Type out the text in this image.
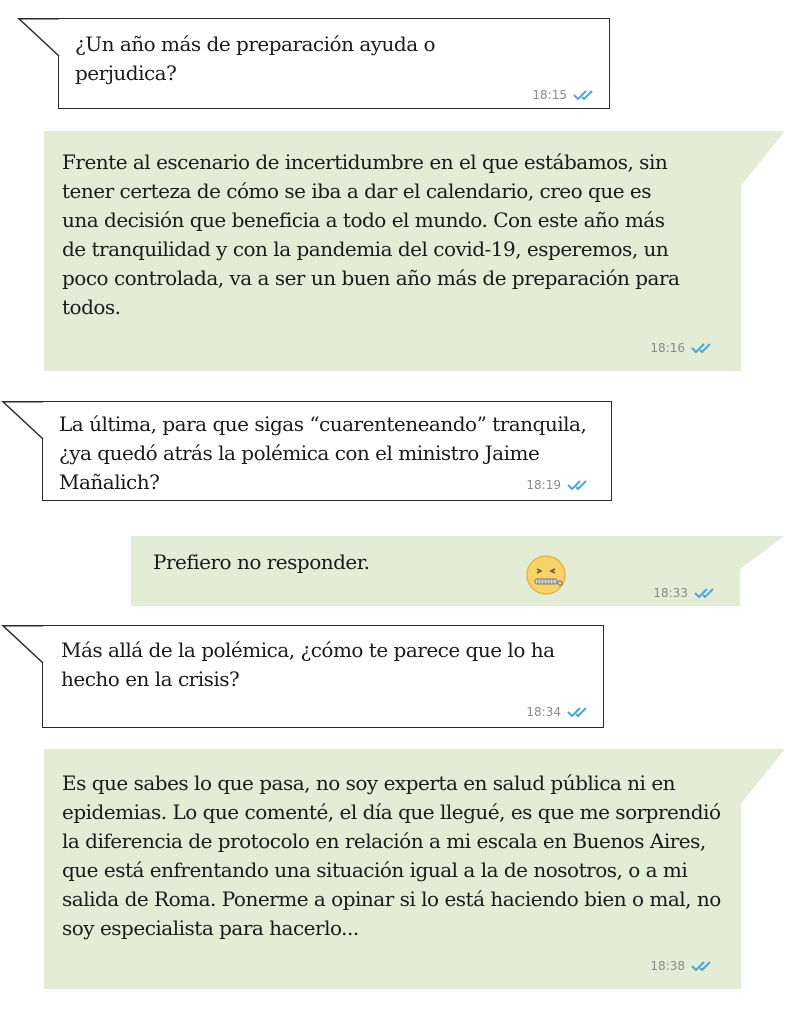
¿Un año más de preparación ayuda o perjudica?
18:15
Frente al escenario de incertidumbre en el que estábamos, sin tener certeza de cómo se iba a dar el calendario, creo que es una decisión que beneficia a todo el mundo. Con este año más de tranquilidad y con la pandemia del covid-19, esperemos, un poco controlada, va a ser un buen año más de preparación para todos.
18:16
La última, para que sigas “cuarenteneando” tranquila, ¿ya quedó atrás la polémica con el ministro Jaime Mañalich?	18:19
Prefiero no responder.
18:33
Más allá de la polémica, ¿cómo te parece que lo ha hecho en la crisis?
18:34
Es que sabes lo que pasa, no soy experta en salud pública ni en epidemias. Lo que comenté, el día que llegué, es que me sorprendió la diferencia de protocolo en relación a mi escala en Buenos Aires, que está enfrentando una situación igual a la de nosotros, o a mi salida de Roma. Ponerme a opinar si lo está haciendo bien o mal, no soy especialista para hacerlo...
18:38
